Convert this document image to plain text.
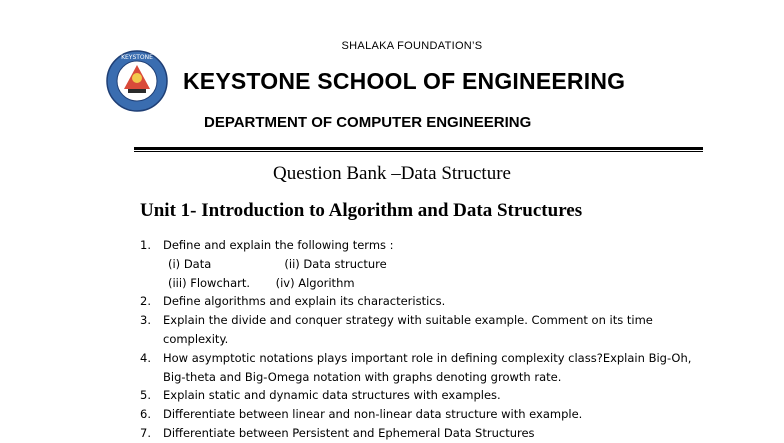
KEYSTONE
SHALAKA FOUNDATION’S
KEYSTONE SCHOOL OF ENGINEERING
DEPARTMENT OF COMPUTER ENGINEERING
Question Bank –Data Structure
Unit 1- Introduction to Algorithm and Data Structures
1.	Define and explain the following terms :
(i) Data                    (ii) Data structure
(iii) Flowchart.       (iv) Algorithm
2.	Define algorithms and explain its characteristics.
3.	Explain the divide and conquer strategy with suitable example. Comment on its time complexity.
4.	How asymptotic notations plays important role in defining complexity class?Explain Big-Oh, Big-theta and Big-Omega notation with graphs denoting growth rate.
5.	Explain static and dynamic data structures with examples.
6.	Differentiate between linear and non-linear data structure with example.
7.	Differentiate between Persistent and Ephemeral Data Structures
